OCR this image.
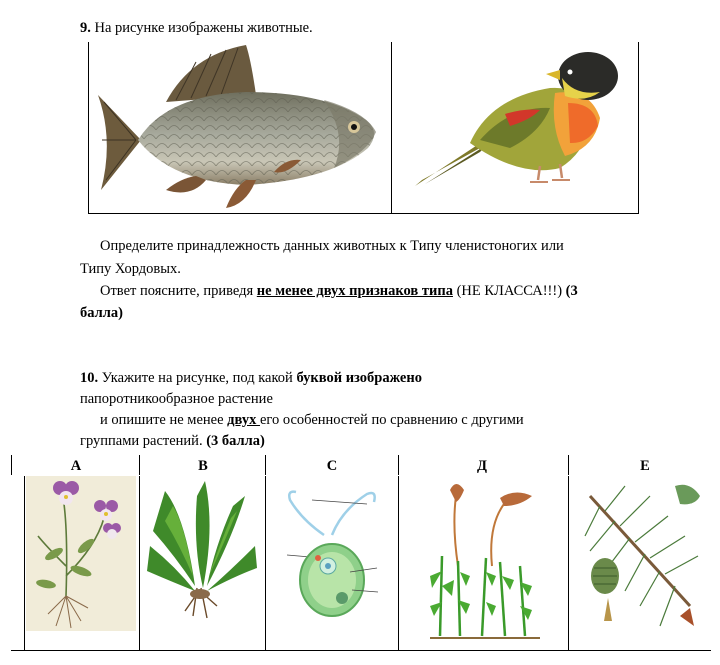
9. На рисунке изображены животные.
Определите принадлежность данных животных к Типу членистоногих или
Типу Хордовых.
Ответ поясните, приведя не менее двух признаков типа (НЕ КЛАССА!!!) (3
балла)
10. Укажите на рисунке, под какой буквой изображено
папоротникообразное растение
и опишите не менее двух его особенностей по сравнению с другими
группами растений. (3 балла)
А	В	С	Д	Е
